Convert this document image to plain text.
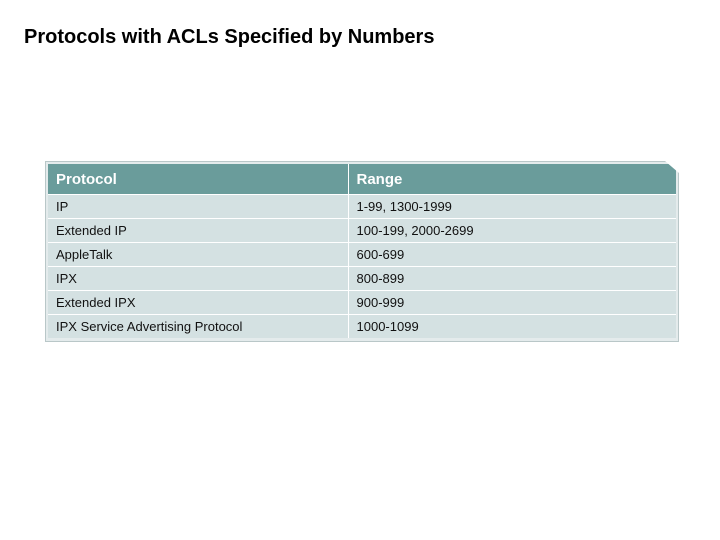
Protocols with ACLs Specified by Numbers
Protocol	Range
IP	1-99, 1300-1999
Extended IP	100-199, 2000-2699
AppleTalk	600-699
IPX	800-899
Extended IPX	900-999
IPX Service Advertising Protocol	1000-1099
